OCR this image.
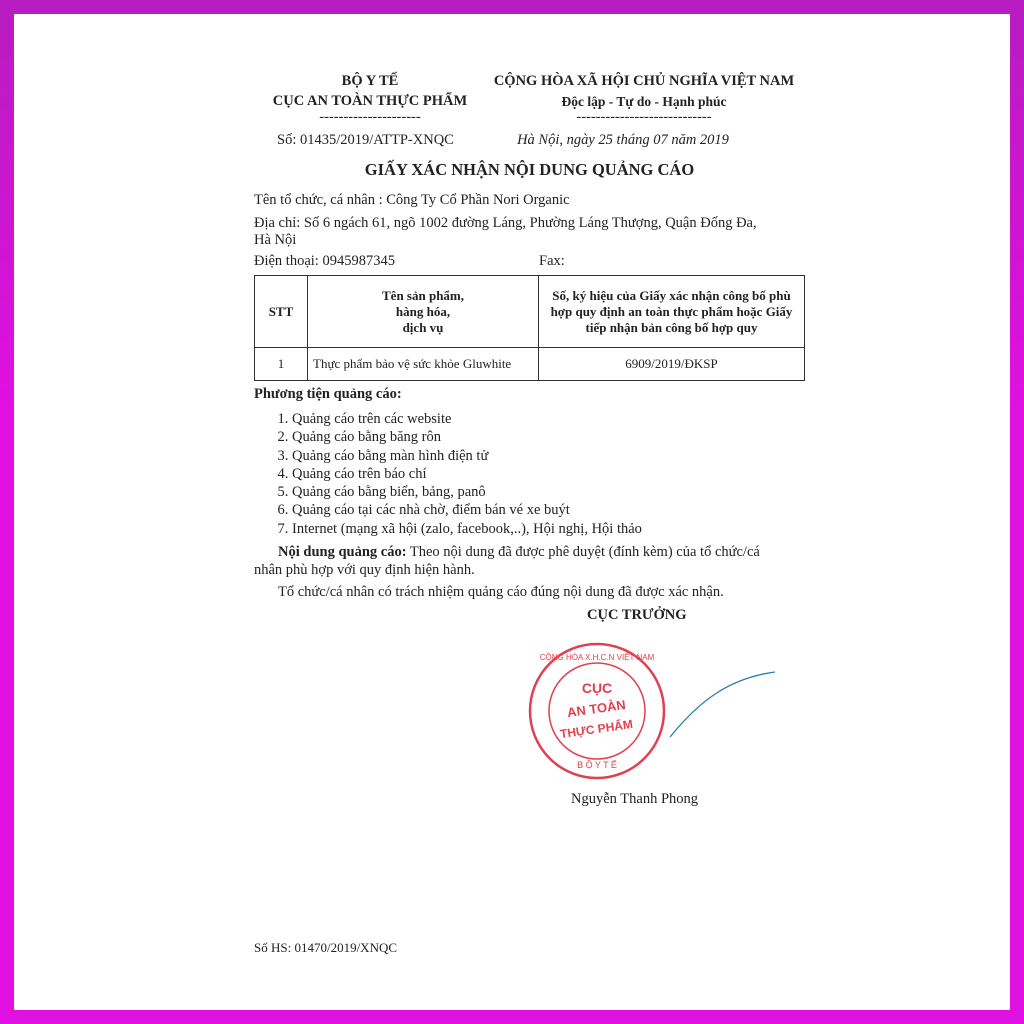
BỘ Y TẾ
CỤC AN TOÀN THỰC PHẨM
---------------------
Số: 01435/2019/ATTP-XNQC
CỘNG HÒA XÃ HỘI CHỦ NGHĨA VIỆT NAM
Độc lập - Tự do - Hạnh phúc
----------------------------
Hà Nội, ngày 25 tháng 07 năm 2019
GIẤY XÁC NHẬN NỘI DUNG QUẢNG CÁO
Tên tổ chức, cá nhân : Công Ty Cổ Phần Nori Organic
Địa chỉ: Số 6 ngách 61, ngõ 1002 đường Láng, Phường Láng Thượng, Quận Đống Đa,
Hà Nội
Điện thoại: 0945987345	Fax:
STT	Tên sản phẩm,
hàng hóa,
dịch vụ	Số, ký hiệu của Giấy xác nhận công bố phù hợp quy định an toàn thực phẩm hoặc Giấy tiếp nhận bản công bố hợp quy
1	Thực phẩm bảo vệ sức khỏe Gluwhite	6909/2019/ĐKSP
Phương tiện quảng cáo:
1. Quảng cáo trên các website
2. Quảng cáo bằng băng rôn
3. Quảng cáo bằng màn hình điện tử
4. Quảng cáo trên báo chí
5. Quảng cáo bằng biển, bảng, panô
6. Quảng cáo tại các nhà chờ, điểm bán vé xe buýt
7. Internet (mạng xã hội (zalo, facebook,..), Hội nghị, Hội thảo
Nội dung quảng cáo: Theo nội dung đã được phê duyệt (đính kèm) của tổ chức/cá
nhân phù hợp với quy định hiện hành.
Tổ chức/cá nhân có trách nhiệm quảng cáo đúng nội dung đã được xác nhận.
CỤC TRƯỞNG
CỤC
AN TOÀN
THỰC PHẨM
B Ộ Y T Ế
CỘNG HÒA X.H.C.N VIỆT NAM
Nguyễn Thanh Phong
Số HS: 01470/2019/XNQC
